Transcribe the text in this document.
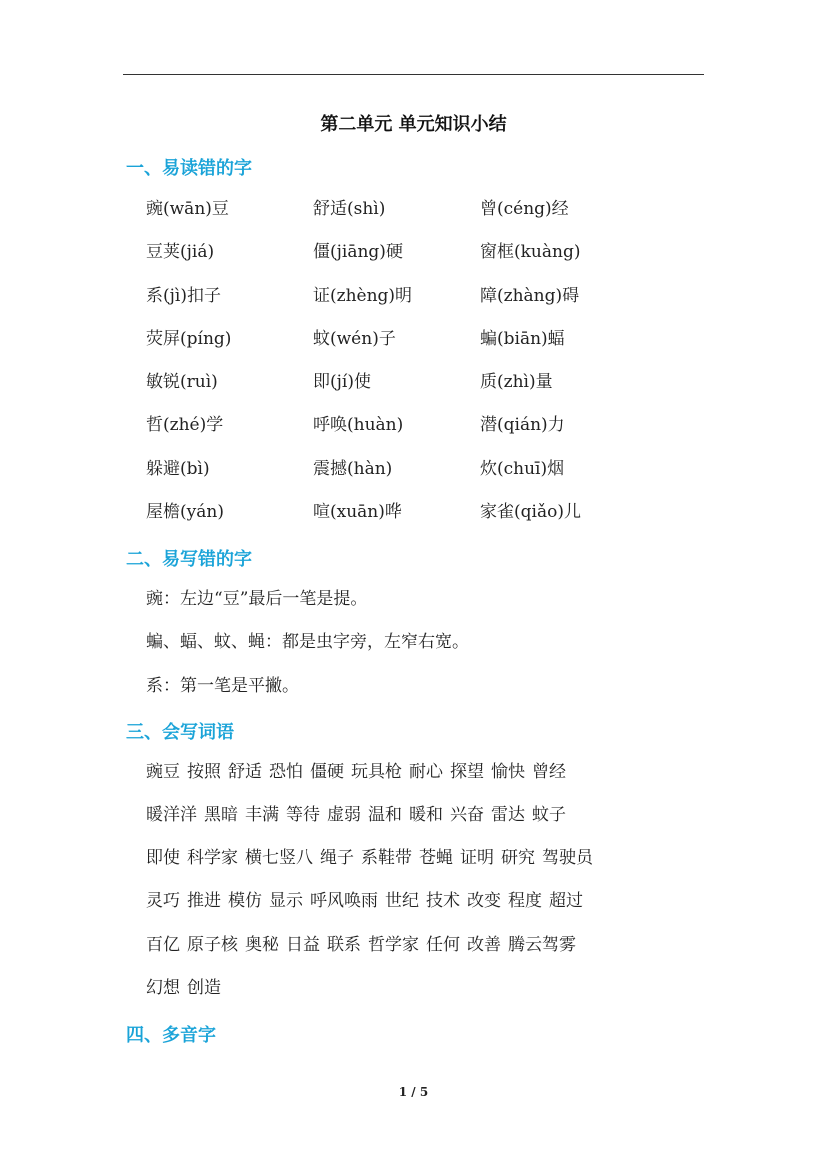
第二单元 单元知识小结
一、易读错的字
豌(wān)豆	舒适(shì)	曾(céng)经
豆荚(jiá)	僵(jiāng)硬	窗框(kuàng)
系(jì)扣子	证(zhèng)明	障(zhàng)碍
荧屏(píng)	蚊(wén)子	蝙(biān)蝠
敏锐(ruì)	即(jí)使	质(zhì)量
哲(zhé)学	呼唤(huàn)	潜(qián)力
躲避(bì)	震撼(hàn)	炊(chuī)烟
屋檐(yán)	喧(xuān)哗	家雀(qiǎo)儿
二、易写错的字
豌：左边“豆”最后一笔是提。
蝙、蝠、蚊、蝇：都是虫字旁，左窄右宽。
系：第一笔是平撇。
三、会写词语
豌豆 按照 舒适 恐怕 僵硬 玩具枪 耐心 探望 愉快 曾经
暖洋洋 黑暗 丰满 等待 虚弱 温和 暖和 兴奋 雷达 蚊子
即使 科学家 横七竖八 绳子 系鞋带 苍蝇 证明 研究 驾驶员
灵巧 推进 模仿 显示 呼风唤雨 世纪 技术 改变 程度 超过
百亿 原子核 奥秘 日益 联系 哲学家 任何 改善 腾云驾雾
幻想 创造
四、多音字
1 / 5
